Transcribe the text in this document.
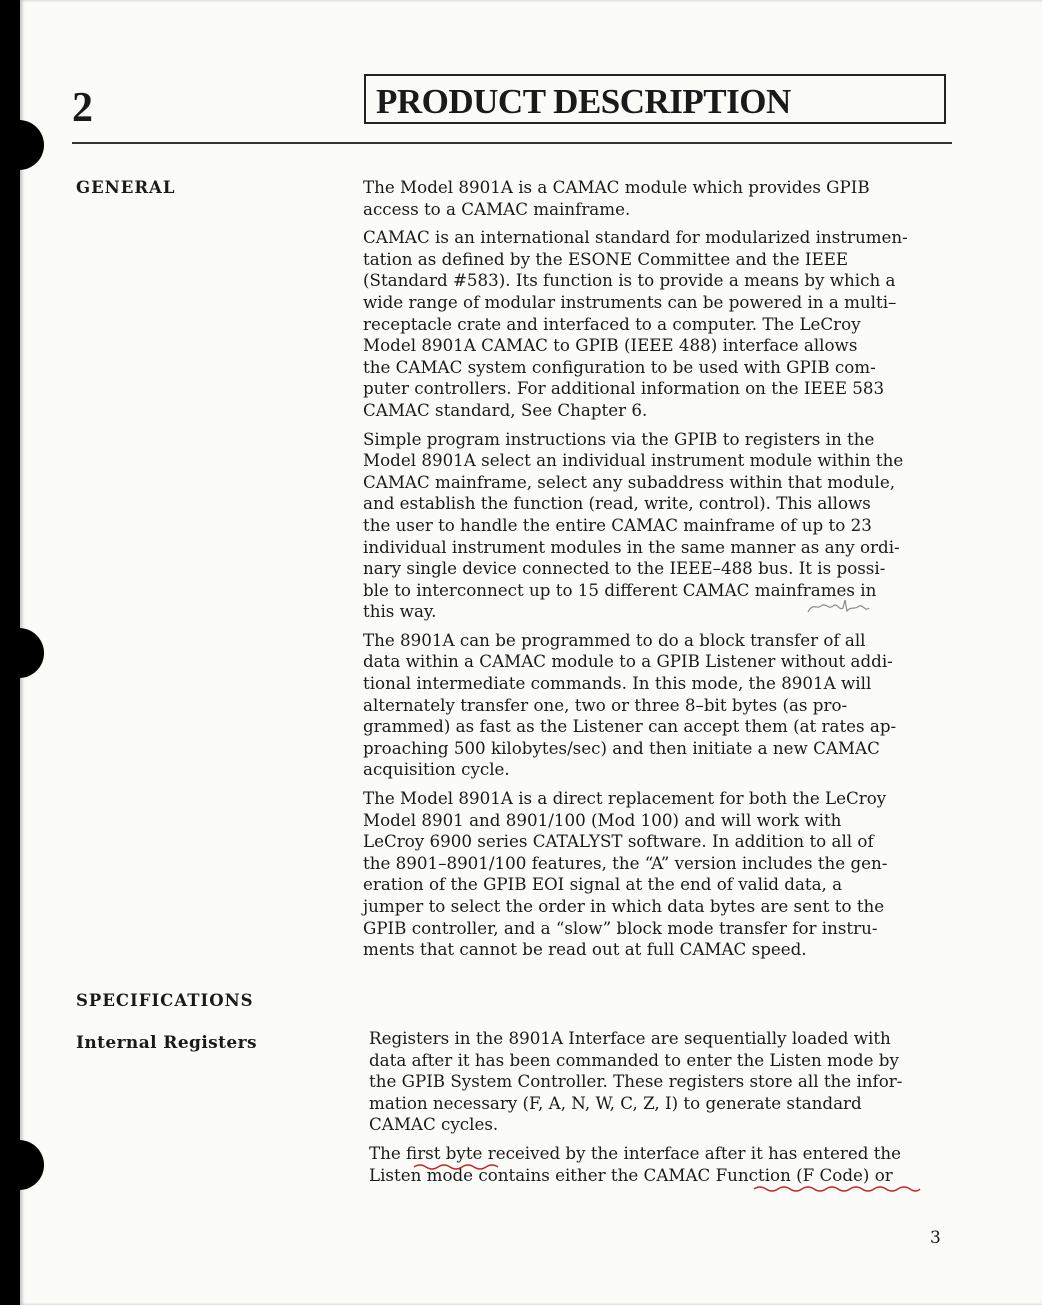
2	PRODUCT DESCRIPTION
GENERAL	The Model 8901A is a CAMAC module which provides GPIB
access to a CAMAC mainframe.

CAMAC is an international standard for modularized instrumen-
tation as defined by the ESONE Committee and the IEEE
(Standard #583). Its function is to provide a means by which a
wide range of modular instruments can be powered in a multi–
receptacle crate and interfaced to a computer. The LeCroy
Model 8901A CAMAC to GPIB (IEEE 488) interface allows
the CAMAC system configuration to be used with GPIB com-
puter controllers. For additional information on the IEEE 583
CAMAC standard, See Chapter 6.

Simple program instructions via the GPIB to registers in the
Model 8901A select an individual instrument module within the
CAMAC mainframe, select any subaddress within that module,
and establish the function (read, write, control). This allows
the user to handle the entire CAMAC mainframe of up to 23
individual instrument modules in the same manner as any ordi-
nary single device connected to the IEEE–488 bus. It is possi-
ble to interconnect up to 15 different CAMAC mainframes in
this way.

The 8901A can be programmed to do a block transfer of all
data within a CAMAC module to a GPIB Listener without addi-
tional intermediate commands. In this mode, the 8901A will
alternately transfer one, two or three 8–bit bytes (as pro-
grammed) as fast as the Listener can accept them (at rates ap-
proaching 500 kilobytes/sec) and then initiate a new CAMAC
acquisition cycle.

The Model 8901A is a direct replacement for both the LeCroy
Model 8901 and 8901/100 (Mod 100) and will work with
LeCroy 6900 series CATALYST software. In addition to all of
the 8901–8901/100 features, the “A” version includes the gen-
eration of the GPIB EOI signal at the end of valid data, a
jumper to select the order in which data bytes are sent to the
GPIB controller, and a “slow” block mode transfer for instru-
ments that cannot be read out at full CAMAC speed.

SPECIFICATIONS
Internal Registers	Registers in the 8901A Interface are sequentially loaded with
data after it has been commanded to enter the Listen mode by
the GPIB System Controller. These registers store all the infor-
mation necessary (F, A, N, W, C, Z, I) to generate standard
CAMAC cycles.

The first byte received by the interface after it has entered the
Listen mode contains either the CAMAC Function (F Code) or

3
